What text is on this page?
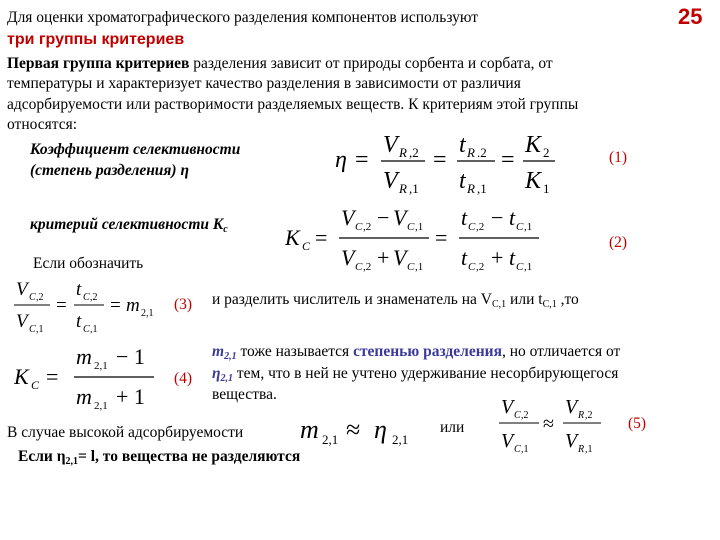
Для оценки хроматографического разделения компонентов используют
три группы критериев
25
Первая группа критериев разделения зависит от природы сорбента и сорбата, от
температуры и характеризует качество разделения в зависимости от различия
адсорбируемости или растворимости разделяемых веществ. К критериям этой группы
относятся:
Коэффициент селективности
(степень разделения) η
критерий селективности $K_c$
Если обозначить
(1)
(2)
(3)
(4)
(5)
η =
V R ,2
V R ,1
=
t R .2
t R ,1
=
K 2
K 1
K C =
V C ,2 − V C ,1
V C ,2 + V C ,1
=
t C ,2 − t C ,1
t C ,2 + t C ,1
V C ,2
V C ,1
=
t C ,2
t C ,1
= m 2,1
K C =
m 2,1 − 1
m 2,1 + 1
и разделить числитель и знаменатель на $V_{C,1}$ или $t_{C,1}$ ,то
$m_{2,1}$ тоже называется степенью разделения, но отличается от
$\eta_{2,1}$ тем, что в ней не учтено удерживание несорбирующегося
вещества.
В случае высокой адсорбируемости m 2,1 ≈ η 2,1
или
V C ,2
V C ,1
≈
V R ,2
V R ,1
Если $\eta_{2,1}= l$, то вещества не разделяются
